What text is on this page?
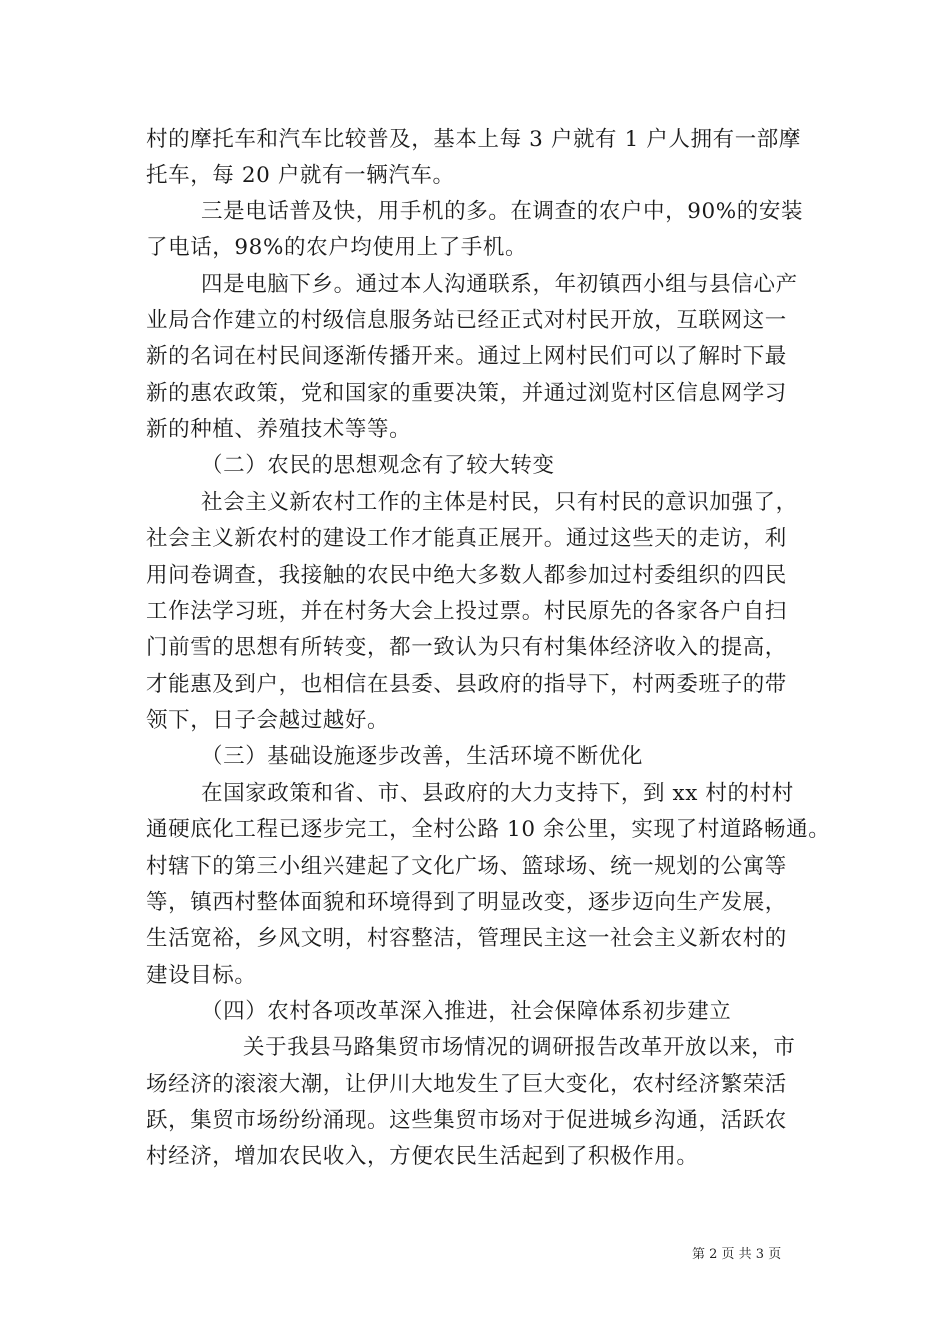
村的摩托车和汽车比较普及，基本上每 3 户就有 1 户人拥有一部摩
托车，每 20 户就有一辆汽车。
三是电话普及快，用手机的多。在调查的农户中，90%的安装
了电话，98%的农户均使用上了手机。
四是电脑下乡。通过本人沟通联系，年初镇西小组与县信心产
业局合作建立的村级信息服务站已经正式对村民开放，互联网这一
新的名词在村民间逐渐传播开来。通过上网村民们可以了解时下最
新的惠农政策，党和国家的重要决策，并通过浏览村区信息网学习
新的种植、养殖技术等等。
（二）农民的思想观念有了较大转变
社会主义新农村工作的主体是村民，只有村民的意识加强了，
社会主义新农村的建设工作才能真正展开。通过这些天的走访，利
用问卷调查，我接触的农民中绝大多数人都参加过村委组织的四民
工作法学习班，并在村务大会上投过票。村民原先的各家各户自扫
门前雪的思想有所转变，都一致认为只有村集体经济收入的提高，
才能惠及到户，也相信在县委、县政府的指导下，村两委班子的带
领下，日子会越过越好。
（三）基础设施逐步改善，生活环境不断优化
在国家政策和省、市、县政府的大力支持下，到 xx 村的村村
通硬底化工程已逐步完工，全村公路 10 余公里，实现了村道路畅通。
村辖下的第三小组兴建起了文化广场、篮球场、统一规划的公寓等
等，镇西村整体面貌和环境得到了明显改变，逐步迈向生产发展，
生活宽裕，乡风文明，村容整洁，管理民主这一社会主义新农村的
建设目标。
（四）农村各项改革深入推进，社会保障体系初步建立
关于我县马路集贸市场情况的调研报告改革开放以来，市
场经济的滚滚大潮，让伊川大地发生了巨大变化，农村经济繁荣活
跃，集贸市场纷纷涌现。这些集贸市场对于促进城乡沟通，活跃农
村经济，增加农民收入，方便农民生活起到了积极作用。
第 2 页 共 3 页
